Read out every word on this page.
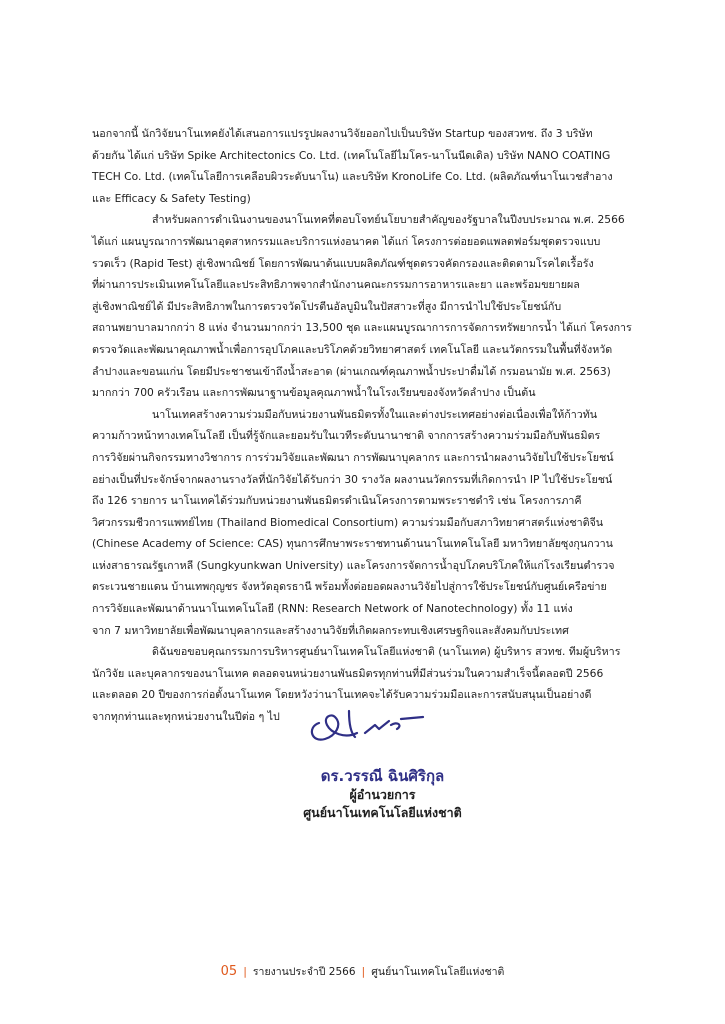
นอกจากนี้ นักวิจัยนาโนเทคยังได้เสนอการแปรรูปผลงานวิจัยออกไปเป็นบริษัท Startup ของสวทช. ถึง 3 บริษัท
ด้วยกัน ได้แก่ บริษัท Spike Architectonics Co. Ltd. (เทคโนโลยีไมโคร-นาโนนีดเดิล) บริษัท NANO COATING
TECH Co. Ltd. (เทคโนโลยีการเคลือบผิวระดับนาโน) และบริษัท KronoLife Co. Ltd. (ผลิตภัณฑ์นาโนเวชสำอาง
และ Efficacy & Safety Testing)

สำหรับผลการดำเนินงานของนาโนเทคที่ตอบโจทย์นโยบายสำคัญของรัฐบาลในปีงบประมาณ พ.ศ. 2566
ได้แก่ แผนบูรณาการพัฒนาอุตสาหกรรมและบริการแห่งอนาคต ได้แก่ โครงการต่อยอดแพลตฟอร์มชุดตรวจแบบ
รวดเร็ว (Rapid Test) สู่เชิงพาณิชย์ โดยการพัฒนาต้นแบบผลิตภัณฑ์ชุดตรวจคัดกรองและติดตามโรคไตเรื้อรัง
ที่ผ่านการประเมินเทคโนโลยีและประสิทธิภาพจากสำนักงานคณะกรรมการอาหารและยา และพร้อมขยายผล
สู่เชิงพาณิชย์ได้ มีประสิทธิภาพในการตรวจวัดโปรตีนอัลบูมินในปัสสาวะที่สูง มีการนำไปใช้ประโยชน์กับ
สถานพยาบาลมากกว่า 8 แห่ง จำนวนมากกว่า 13,500 ชุด และแผนบูรณาการการจัดการทรัพยากรน้ำ ได้แก่ โครงการ
ตรวจวัดและพัฒนาคุณภาพน้ำเพื่อการอุปโภคและบริโภคด้วยวิทยาศาสตร์ เทคโนโลยี และนวัตกรรมในพื้นที่จังหวัด
ลำปางและขอนแก่น โดยมีประชาชนเข้าถึงน้ำสะอาด (ผ่านเกณฑ์คุณภาพน้ำประปาดื่มได้ กรมอนามัย พ.ศ. 2563)
มากกว่า 700 ครัวเรือน และการพัฒนาฐานข้อมูลคุณภาพน้ำในโรงเรียนของจังหวัดลำปาง เป็นต้น

นาโนเทคสร้างความร่วมมือกับหน่วยงานพันธมิตรทั้งในและต่างประเทศอย่างต่อเนื่องเพื่อให้ก้าวทัน
ความก้าวหน้าทางเทคโนโลยี เป็นที่รู้จักและยอมรับในเวทีระดับนานาชาติ จากการสร้างความร่วมมือกับพันธมิตร
การวิจัยผ่านกิจกรรมทางวิชาการ การร่วมวิจัยและพัฒนา การพัฒนาบุคลากร และการนำผลงานวิจัยไปใช้ประโยชน์
อย่างเป็นที่ประจักษ์จากผลงานรางวัลที่นักวิจัยได้รับกว่า 30 รางวัล ผลงานนวัตกรรมที่เกิดการนำ IP ไปใช้ประโยชน์
ถึง 126 รายการ นาโนเทคได้ร่วมกับหน่วยงานพันธมิตรดำเนินโครงการตามพระราชดำริ เช่น โครงการภาคี
วิศวกรรมชีวการแพทย์ไทย (Thailand Biomedical Consortium) ความร่วมมือกับสภาวิทยาศาสตร์แห่งชาติจีน
(Chinese Academy of Science: CAS) ทุนการศึกษาพระราชทานด้านนาโนเทคโนโลยี มหาวิทยาลัยซุงกุนกวาน
แห่งสาธารณรัฐเกาหลี (Sungkyunkwan University) และโครงการจัดการน้ำอุปโภคบริโภคให้แก่โรงเรียนตำรวจ
ตระเวนชายแดน บ้านเทพกุญชร จังหวัดอุดรธานี พร้อมทั้งต่อยอดผลงานวิจัยไปสู่การใช้ประโยชน์กับศูนย์เครือข่าย
การวิจัยและพัฒนาด้านนาโนเทคโนโลยี (RNN: Research Network of Nanotechnology) ทั้ง 11 แห่ง
จาก 7 มหาวิทยาลัยเพื่อพัฒนาบุคลากรและสร้างงานวิจัยที่เกิดผลกระทบเชิงเศรษฐกิจและสังคมกับประเทศ

ดิฉันขอขอบคุณกรรมการบริหารศูนย์นาโนเทคโนโลยีแห่งชาติ (นาโนเทค) ผู้บริหาร สวทช. ทีมผู้บริหาร
นักวิจัย และบุคลากรของนาโนเทค ตลอดจนหน่วยงานพันธมิตรทุกท่านที่มีส่วนร่วมในความสำเร็จนี้ตลอดปี 2566
และตลอด 20 ปีของการก่อตั้งนาโนเทค โดยหวังว่านาโนเทคจะได้รับความร่วมมือและการสนับสนุนเป็นอย่างดี
จากทุกท่านและทุกหน่วยงานในปีต่อ ๆ ไป

ดร.วรรณี ฉินศิริกุล
ผู้อำนวยการ
ศูนย์นาโนเทคโนโลยีแห่งชาติ
05 | รายงานประจำปี 2566 | ศูนย์นาโนเทคโนโลยีแห่งชาติ
